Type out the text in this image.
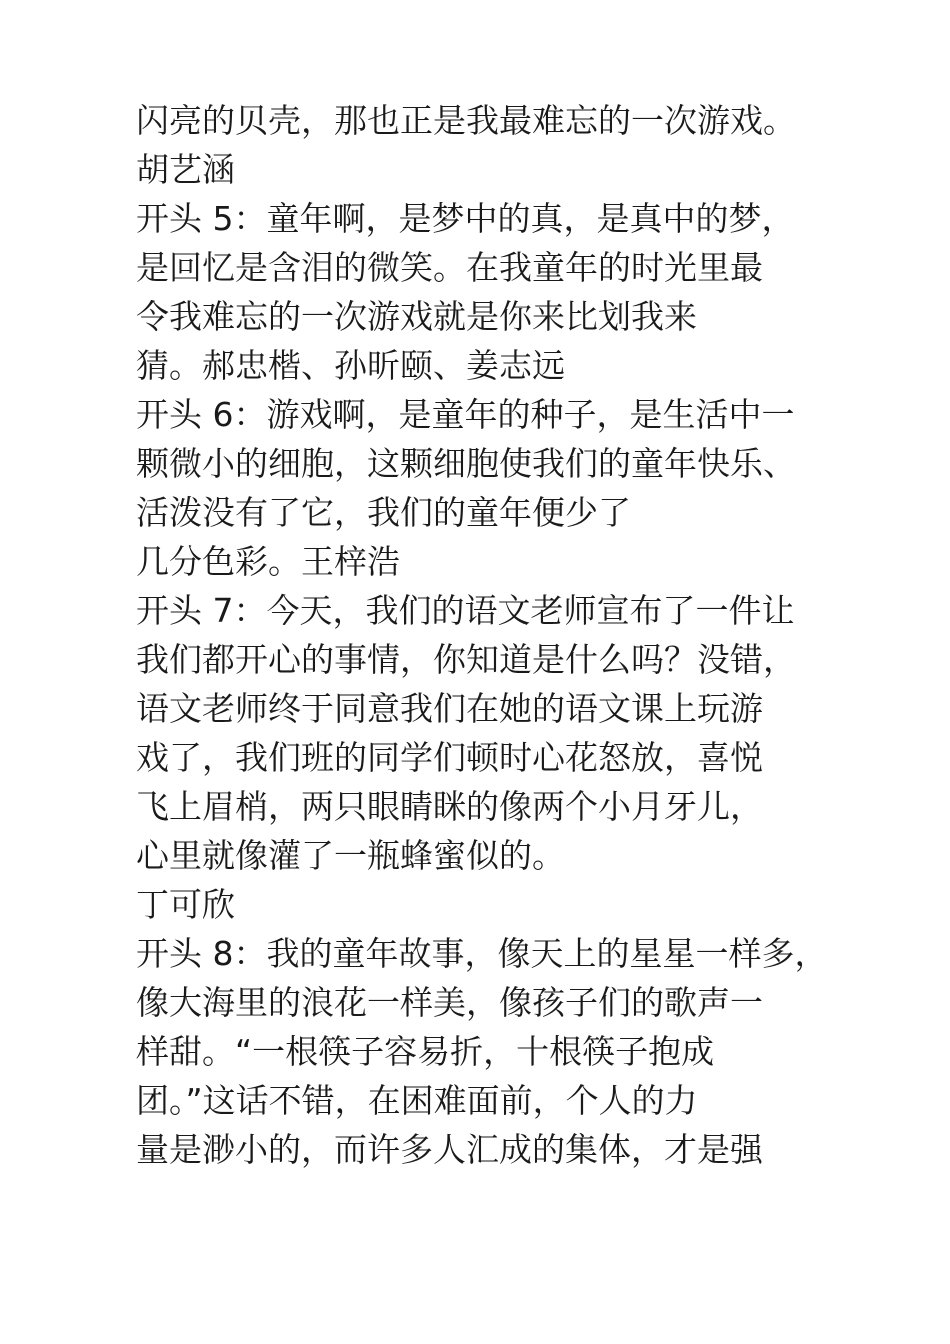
闪亮的贝壳，那也正是我最难忘的一次游戏。
胡艺涵
开头 5：童年啊，是梦中的真，是真中的梦，
是回忆是含泪的微笑。在我童年的时光里最
令我难忘的一次游戏就是你来比划我来
猜。郝忠楷、孙昕颐、姜志远
开头 6：游戏啊，是童年的种子，是生活中一
颗微小的细胞，这颗细胞使我们的童年快乐、
活泼没有了它，我们的童年便少了
几分色彩。王梓浩
开头 7：今天，我们的语文老师宣布了一件让
我们都开心的事情，你知道是什么吗？没错，
语文老师终于同意我们在她的语文课上玩游
戏了，我们班的同学们顿时心花怒放，喜悦
飞上眉梢，两只眼睛眯的像两个小月牙儿，
心里就像灌了一瓶蜂蜜似的。
丁可欣
开头 8：我的童年故事，像天上的星星一样多，
像大海里的浪花一样美，像孩子们的歌声一
样甜。“一根筷子容易折，十根筷子抱成
团。”这话不错，在困难面前，个人的力
量是渺小的，而许多人汇成的集体，才是强
